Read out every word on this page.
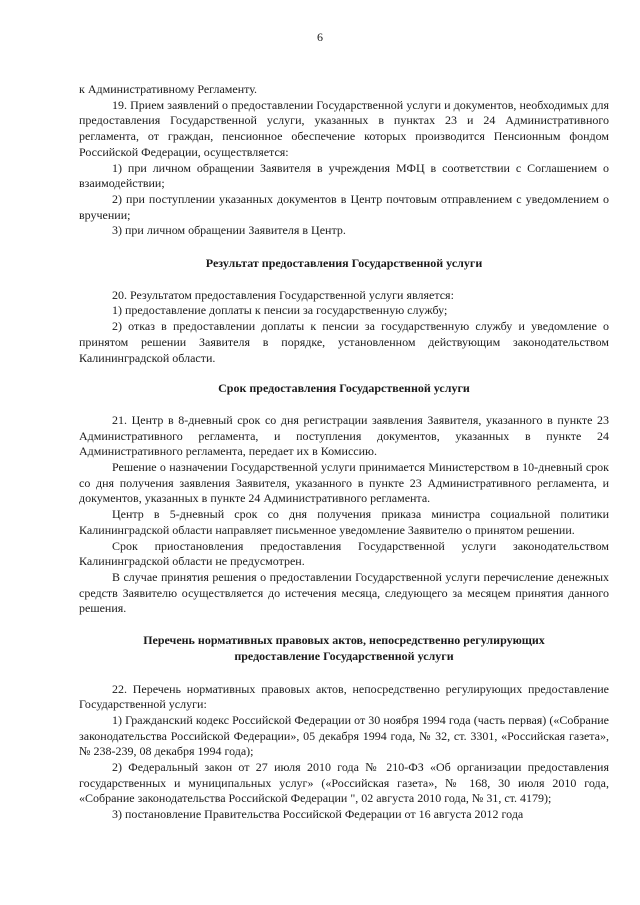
6

к Административному Регламенту.

19. Прием заявлений о предоставлении Государственной услуги и документов, необходимых для предоставления Государственной услуги, указанных в пунктах 23 и 24 Административного регламента, от граждан, пенсионное обеспечение которых производится Пенсионным фондом Российской Федерации, осуществляется:

1) при личном обращении Заявителя в учреждения МФЦ в соответствии с Соглашением о взаимодействии;

2) при поступлении указанных документов в Центр почтовым отправлением с уведомлением о вручении;

3) при личном обращении Заявителя в Центр.

Результат предоставления Государственной услуги

20. Результатом предоставления Государственной услуги является:

1) предоставление доплаты к пенсии за государственную службу;

2) отказ в предоставлении доплаты к пенсии за государственную службу и уведомление о принятом решении Заявителя в порядке, установленном действующим законодательством Калининградской области.

Срок предоставления Государственной услуги

21. Центр в 8-дневный срок со дня регистрации заявления Заявителя, указанного в пункте 23 Административного регламента, и поступления документов, указанных в пункте 24 Административного регламента, передает их в Комиссию.

Решение о назначении Государственной услуги принимается Министерством в 10-дневный срок со дня получения заявления Заявителя, указанного в пункте 23 Административного регламента, и документов, указанных в пункте 24 Административного регламента.

Центр в 5-дневный срок со дня получения приказа министра социальной политики Калининградской области направляет письменное уведомление Заявителю о принятом решении.

Срок приостановления предоставления Государственной услуги законодательством Калининградской области не предусмотрен.

В случае принятия решения о предоставлении Государственной услуги перечисление денежных средств Заявителю осуществляется до истечения месяца, следующего за месяцем принятия данного решения.

Перечень нормативных правовых актов, непосредственно регулирующих
предоставление Государственной услуги

22. Перечень нормативных правовых актов, непосредственно регулирующих предоставление Государственной услуги:

1) Гражданский кодекс Российской Федерации от 30 ноября 1994 года (часть первая) («Собрание законодательства Российской Федерации», 05 декабря 1994 года, № 32, ст. 3301, «Российская газета», № 238-239, 08 декабря 1994 года);

2) Федеральный закон от 27 июля 2010 года № 210-ФЗ «Об организации предоставления государственных и муниципальных услуг» («Российская газета», № 168, 30 июля 2010 года, «Собрание законодательства Российской Федерации ", 02 августа 2010 года, № 31, ст. 4179);

3) постановление Правительства Российской Федерации от 16 августа 2012 года
